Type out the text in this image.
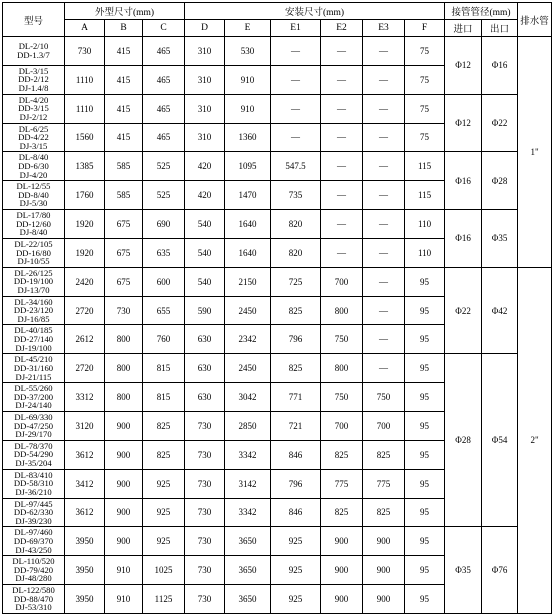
型号	外型尺寸(mm)			安装尺寸(mm)						接管管径(mm)		排水管
	A	B	C	D	E	E1	E2	E3	F	进口	出口	

DL-2/10
DD-1.3/7	730	415	465	310	530	—	—	—	75	Φ12	Φ16	1"

DL-3/15
DD-2/12
DJ-1.4/8	1110	415	465	310	910	—	—	—	75			

DL-4/20
DD-3/15
DJ-2/12	1110	415	465	310	910	—	—	—	75	Φ12	Φ22	

DL-6/25
DD-4/22
DJ-3/15	1560	415	465	310	1360	—	—	—	75			

DL-8/40
DD-6/30
DJ-4/20	1385	585	525	420	1095	547.5	—	—	115	Φ16	Φ28	

DL-12/55
DD-8/40
DJ-5/30	1760	585	525	420	1470	735	—	—	115			

DL-17/80
DD-12/60
DJ-8/40	1920	675	690	540	1640	820	—	—	110	Φ16	Φ35	

DL-22/105
DD-16/80
DJ-10/55	1920	675	635	540	1640	820	—	—	110			

DL-26/125
DD-19/100
DJ-13/70	2420	675	600	540	2150	725	700	—	95	Φ22	Φ42	2"

DL-34/160
DD-23/120
DJ-16/85	2720	730	655	590	2450	825	800	—	95			

DL-40/185
DD-27/140
DJ-19/100	2612	800	760	630	2342	796	750	—	95			

DL-45/210
DD-31/160
DJ-21/115	2720	800	815	630	2450	825	800	—	95	Φ28	Φ54	

DL-55/260
DD-37/200
DJ-24/140	3312	800	815	630	3042	771	750	750	95			

DL-69/330
DD-47/250
DJ-29/170	3120	900	825	730	2850	721	700	700	95			

DL-78/370
DD-54/290
DJ-35/204	3612	900	825	730	3342	846	825	825	95			

DL-83/410
DD-58/310
DJ-36/210	3412	900	925	730	3142	796	775	775	95			

DL-97/445
DD-62/330
DJ-39/230	3612	900	925	730	3342	846	825	825	95			

DL-97/460
DD-69/370
DJ-43/250	3950	900	925	730	3650	925	900	900	95	Φ35	Φ76	

DL-110/520
DD-79/420
DJ-48/280	3950	910	1025	730	3650	925	900	900	95			

DL-122/580
DD-88/470
DJ-53/310	3950	910	1125	730	3650	925	900	900	95			
